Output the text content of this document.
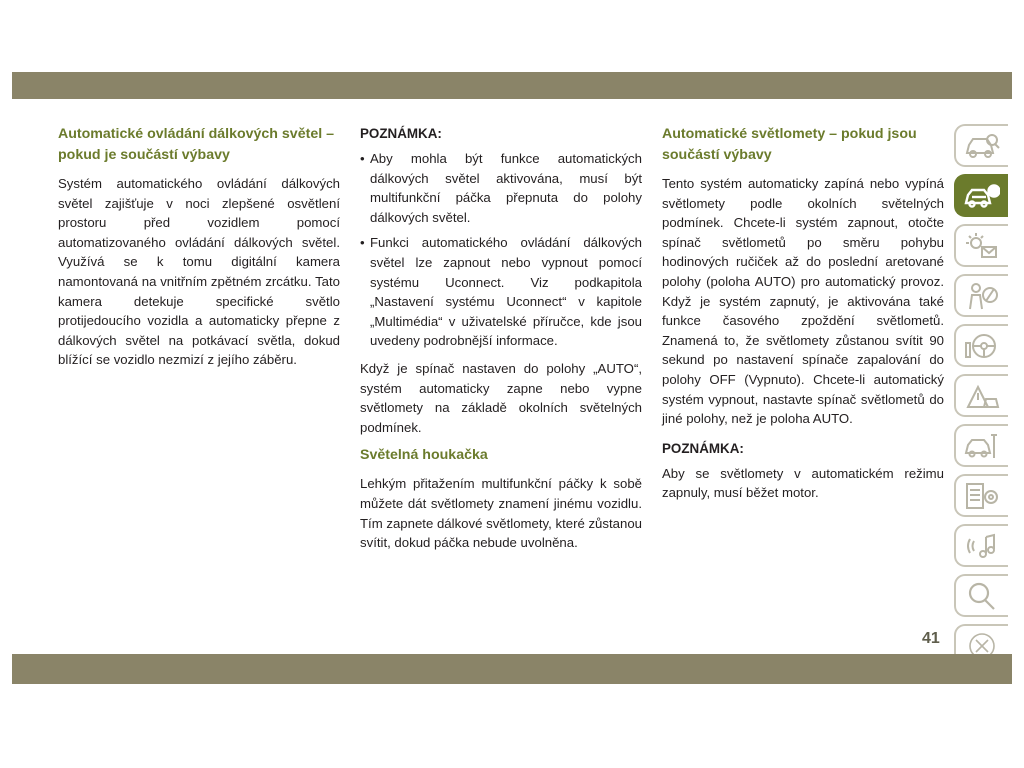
Automatické ovládání dálkových světel – pokud je součástí výbavy

Systém automatického ovládání dálkových světel zajišťuje v noci zlepšené osvětlení prostoru před vozidlem pomocí automatizovaného ovládání dálkových světel. Využívá se k tomu digitální kamera namontovaná na vnitřním zpětném zrcátku. Tato kamera detekuje specifické světlo protijedoucího vozidla a automaticky přepne z dálkových světel na potkávací světla, dokud blížící se vozidlo nezmizí z jejího záběru.

POZNÁMKA:
• Aby mohla být funkce automatických dálkových světel aktivována, musí být multifunkční páčka přepnuta do polohy dálkových světel.
• Funkci automatického ovládání dálkových světel lze zapnout nebo vypnout pomocí systému Uconnect. Viz podkapitola „Nastavení systému Uconnect“ v kapitole „Multimédia“ v uživatelské příručce, kde jsou uvedeny podrobnější informace.

Když je spínač nastaven do polohy „AUTO“, systém automaticky zapne nebo vypne světlomety na základě okolních světelných podmínek.

Světelná houkačka

Lehkým přitažením multifunkční páčky k sobě můžete dát světlomety znamení jinému vozidlu. Tím zapnete dálkové světlomety, které zůstanou svítit, dokud páčka nebude uvolněna.

Automatické světlomety – pokud jsou součástí výbavy

Tento systém automaticky zapíná nebo vypíná světlomety podle okolních světelných podmínek. Chcete-li systém zapnout, otočte spínač světlometů po směru pohybu hodinových ručiček až do poslední aretované polohy (poloha AUTO) pro automatický provoz. Když je systém zapnutý, je aktivována také funkce časového zpoždění světlometů. Znamená to, že světlomety zůstanou svítit 90 sekund po nastavení spínače zapalování do polohy OFF (Vypnuto). Chcete-li automatický systém vypnout, nastavte spínač světlometů do jiné polohy, než je poloha AUTO.

POZNÁMKA:

Aby se světlomety v automatickém režimu zapnuly, musí běžet motor.

41
